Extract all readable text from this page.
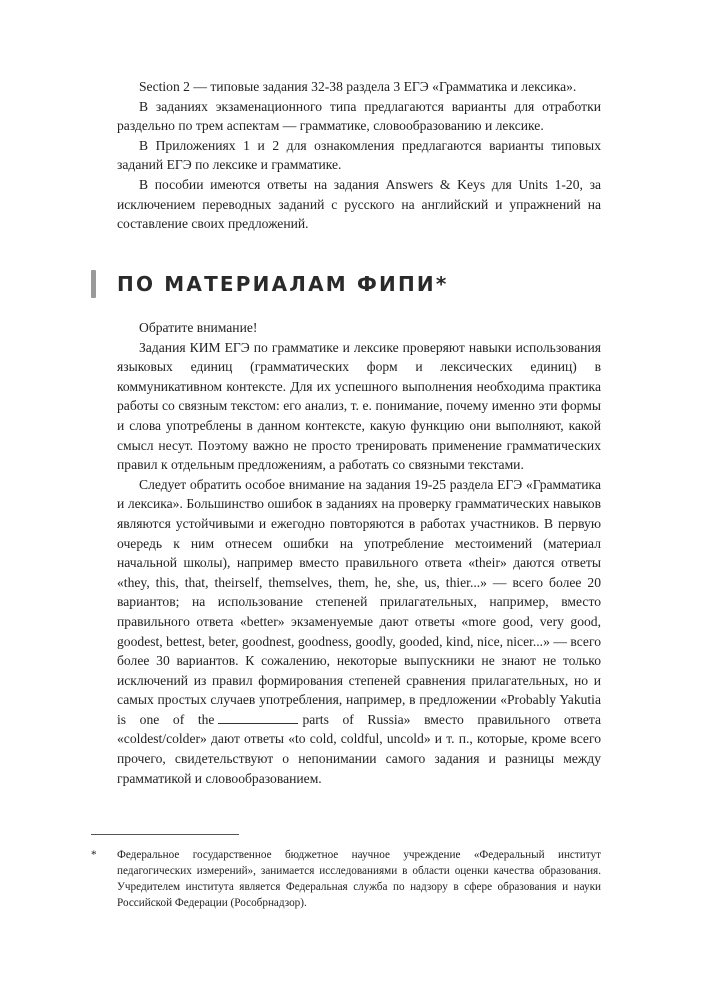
Section 2 — типовые задания 32-38 раздела 3 ЕГЭ «Грамматика и лексика».

В заданиях экзаменационного типа предлагаются варианты для отработки раздельно по трем аспектам — грамматике, словообразованию и лексике.

В Приложениях 1 и 2 для ознакомления предлагаются варианты типовых заданий ЕГЭ по лексике и грамматике.

В пособии имеются ответы на задания Answers & Keys для Units 1-20, за исключением переводных заданий с русского на английский и упражнений на составление своих предложений.

ПО МАТЕРИАЛАМ ФИПИ*

Обратите внимание!

Задания КИМ ЕГЭ по грамматике и лексике проверяют навыки использования языковых единиц (грамматических форм и лексических единиц) в коммуникативном контексте. Для их успешного выполнения необходима практика работы со связным текстом: его анализ, т. е. понимание, почему именно эти формы и слова употреблены в данном контексте, какую функцию они выполняют, какой смысл несут. Поэтому важно не просто тренировать применение грамматических правил к отдельным предложениям, а работать со связными текстами.

Следует обратить особое внимание на задания 19-25 раздела ЕГЭ «Грамматика и лексика». Большинство ошибок в заданиях на проверку грамматических навыков являются устойчивыми и ежегодно повторяются в работах участников. В первую очередь к ним отнесем ошибки на употребление местоимений (материал начальной школы), например вместо правильного ответа «their» даются ответы «they, this, that, theirself, themselves, them, he, she, us, thier...» — всего более 20 вариантов; на использование степеней прилагательных, например, вместо правильного ответа «better» экзаменуемые дают ответы «more good, very good, goodest, bettest, beter, goodnest, goodness, goodly, gooded, kind, nice, nicer...» — всего более 30 вариантов. К сожалению, некоторые выпускники не знают не только исключений из правил формирования степеней сравнения прилагательных, но и самых простых случаев употребления, например, в предложении «Probably Yakutia is one of the	parts of Russia» вместо правильного ответа «coldest/colder» дают ответы «to cold, coldful, uncold» и т. п., которые, кроме всего прочего, свидетельствуют о непонимании самого задания и разницы между грамматикой и словообразованием.

* Федеральное государственное бюджетное научное учреждение «Федеральный институт педагогических измерений», занимается исследованиями в области оценки качества образования. Учредителем института является Федеральная служба по надзору в сфере образования и науки Российской Федерации (Рособрнадзор).
